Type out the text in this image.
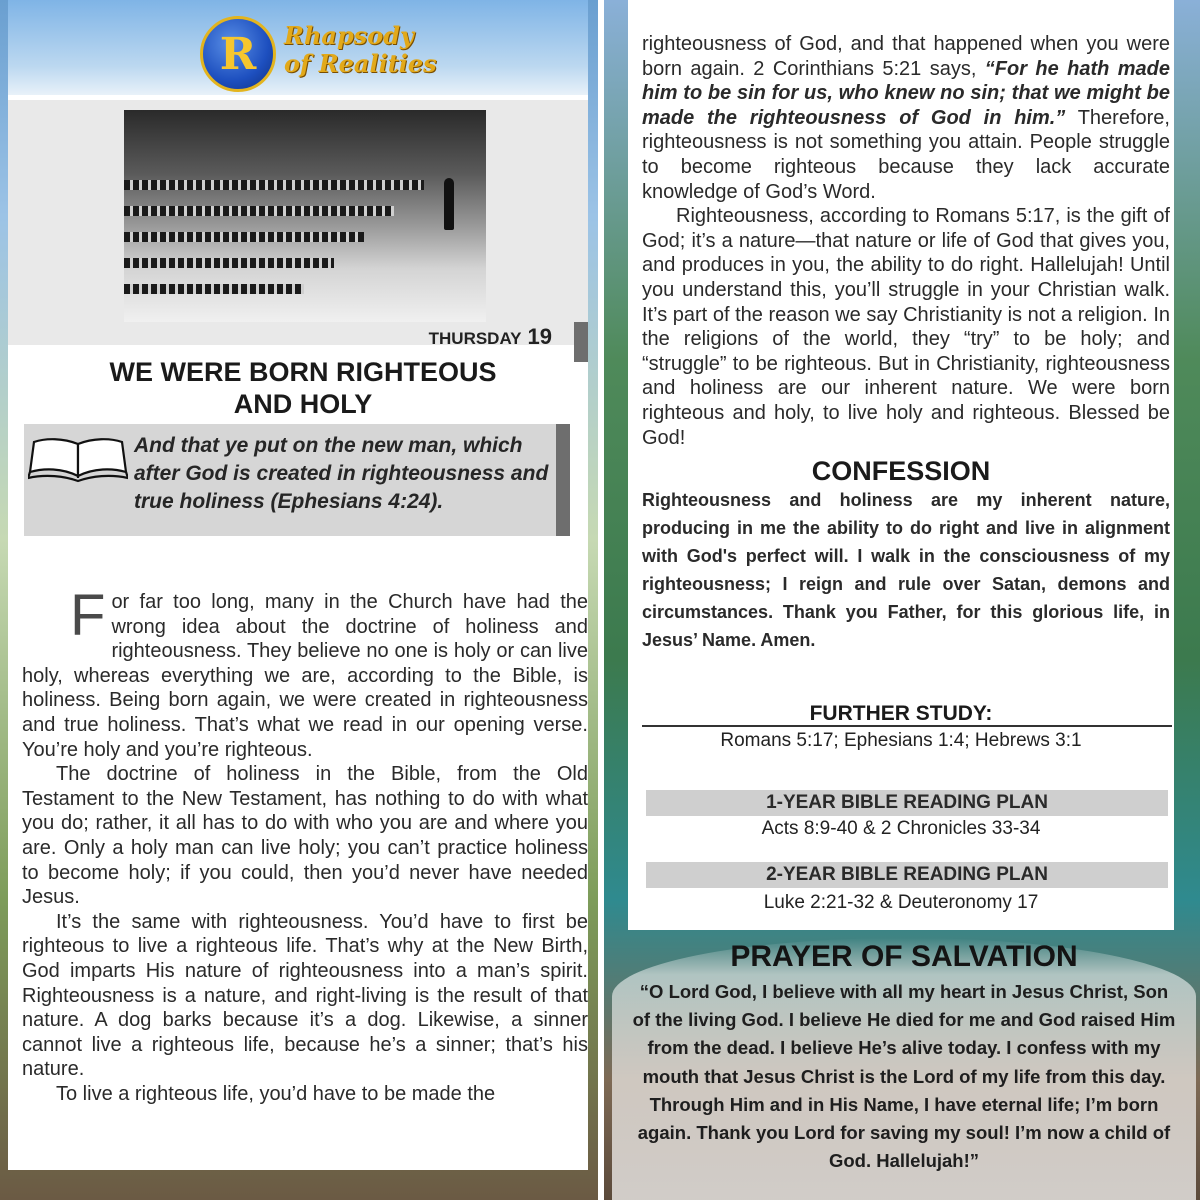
R Rhapsody
of Realities
THURSDAY 19
WE WERE BORN RIGHTEOUS
AND HOLY
And that ye put on the new man, which after God is created in righteousness and true holiness (Ephesians 4:24).

For far too long, many in the Church have had the wrong idea about the doctrine of holiness and righteousness. They believe no one is holy or can live holy, whereas everything we are, according to the Bible, is holiness. Being born again, we were created in righteousness and true holiness. That’s what we read in our opening verse. You’re holy and you’re righteous.

The doctrine of holiness in the Bible, from the Old Testament to the New Testament, has nothing to do with what you do; rather, it all has to do with who you are and where you are. Only a holy man can live holy; you can’t practice holiness to become holy; if you could, then you’d never have needed Jesus.

It’s the same with righteousness. You’d have to first be righteous to live a righteous life. That’s why at the New Birth, God imparts His nature of righteousness into a man’s spirit. Righteousness is a nature, and right-living is the result of that nature. A dog barks because it’s a dog. Likewise, a sinner cannot live a righteous life, because he’s a sinner; that’s his nature.

To live a righteous life, you’d have to be made the

righteousness of God, and that happened when you were born again. 2 Corinthians 5:21 says, “For he hath made him to be sin for us, who knew no sin; that we might be made the righteousness of God in him.” Therefore, righteousness is not something you attain. People struggle to become righteous because they lack accurate knowledge of God’s Word.

Righteousness, according to Romans 5:17, is the gift of God; it’s a nature—that nature or life of God that gives you, and produces in you, the ability to do right. Hallelujah! Until you understand this, you’ll struggle in your Christian walk. It’s part of the reason we say Christianity is not a religion. In the religions of the world, they “try” to be holy; and “struggle” to be righteous. But in Christianity, righteousness and holiness are our inherent nature. We were born righteous and holy, to live holy and righteous. Blessed be God!

CONFESSION
Righteousness and holiness are my inherent nature, producing in me the ability to do right and live in alignment with God's perfect will. I walk in the consciousness of my righteousness; I reign and rule over Satan, demons and circumstances. Thank you Father, for this glorious life, in Jesus’ Name. Amen.
FURTHER STUDY:
Romans 5:17; Ephesians 1:4; Hebrews 3:1
1-YEAR BIBLE READING PLAN
Acts 8:9-40 & 2 Chronicles 33-34
2-YEAR BIBLE READING PLAN
Luke 2:21-32 & Deuteronomy 17
PRAYER OF SALVATION
“O Lord God, I believe with all my heart in Jesus Christ, Son of the living God. I believe He died for me and God raised Him from the dead. I believe He’s alive today. I confess with my mouth that Jesus Christ is the Lord of my life from this day. Through Him and in His Name, I have eternal life; I’m born again. Thank you Lord for saving my soul! I’m now a child of God. Hallelujah!”
